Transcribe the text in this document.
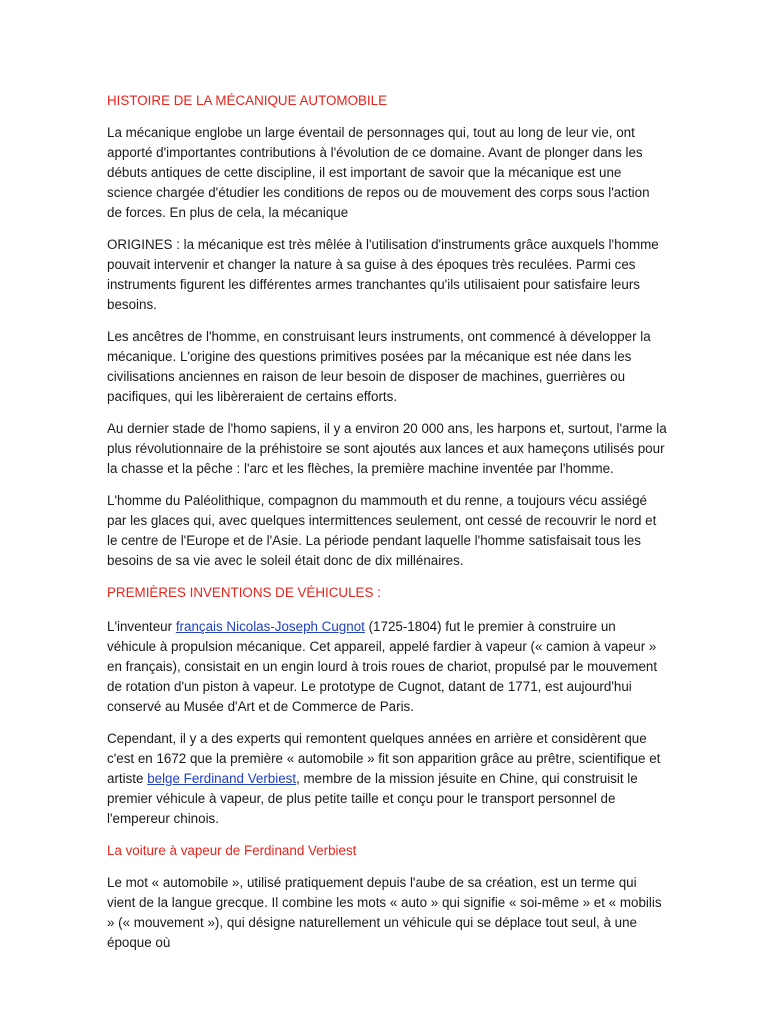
HISTOIRE DE LA MÉCANIQUE AUTOMOBILE

La mécanique englobe un large éventail de personnages qui, tout au long de leur vie, ont apporté d'importantes contributions à l'évolution de ce domaine. Avant de plonger dans les débuts antiques de cette discipline, il est important de savoir que la mécanique est une science chargée d'étudier les conditions de repos ou de mouvement des corps sous l'action de forces. En plus de cela, la mécanique

ORIGINES : la mécanique est très mêlée à l'utilisation d'instruments grâce auxquels l'homme pouvait intervenir et changer la nature à sa guise à des époques très reculées. Parmi ces instruments figurent les différentes armes tranchantes qu'ils utilisaient pour satisfaire leurs besoins.

Les ancêtres de l'homme, en construisant leurs instruments, ont commencé à développer la mécanique. L'origine des questions primitives posées par la mécanique est née dans les civilisations anciennes en raison de leur besoin de disposer de machines, guerrières ou pacifiques, qui les libèreraient de certains efforts.

Au dernier stade de l'homo sapiens, il y a environ 20 000 ans, les harpons et, surtout, l'arme la plus révolutionnaire de la préhistoire se sont ajoutés aux lances et aux hameçons utilisés pour la chasse et la pêche : l'arc et les flèches, la première machine inventée par l'homme.

L'homme du Paléolithique, compagnon du mammouth et du renne, a toujours vécu assiégé par les glaces qui, avec quelques intermittences seulement, ont cessé de recouvrir le nord et le centre de l'Europe et de l'Asie. La période pendant laquelle l'homme satisfaisait tous les besoins de sa vie avec le soleil était donc de dix millénaires.

PREMIÈRES INVENTIONS DE VÉHICULES :

L'inventeur français Nicolas-Joseph Cugnot (1725-1804) fut le premier à construire un véhicule à propulsion mécanique. Cet appareil, appelé fardier à vapeur (« camion à vapeur » en français), consistait en un engin lourd à trois roues de chariot, propulsé par le mouvement de rotation d'un piston à vapeur. Le prototype de Cugnot, datant de 1771, est aujourd'hui conservé au Musée d'Art et de Commerce de Paris.

Cependant, il y a des experts qui remontent quelques années en arrière et considèrent que c'est en 1672 que la première « automobile » fit son apparition grâce au prêtre, scientifique et artiste belge Ferdinand Verbiest, membre de la mission jésuite en Chine, qui construisit le premier véhicule à vapeur, de plus petite taille et conçu pour le transport personnel de l'empereur chinois.

La voiture à vapeur de Ferdinand Verbiest

Le mot « automobile », utilisé pratiquement depuis l'aube de sa création, est un terme qui vient de la langue grecque. Il combine les mots « auto » qui signifie « soi-même » et « mobilis » (« mouvement »), qui désigne naturellement un véhicule qui se déplace tout seul, à une époque où
